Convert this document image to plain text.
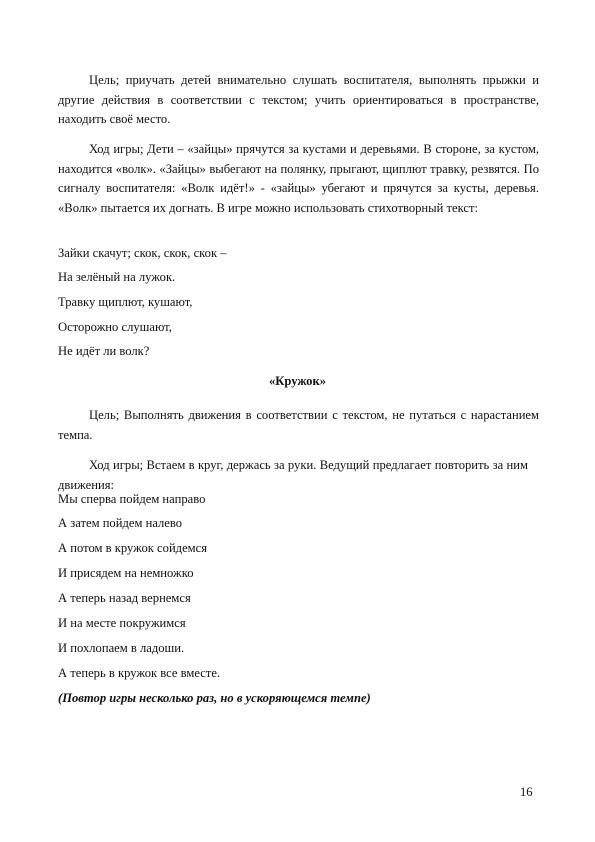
Цель; приучать детей внимательно слушать воспитателя, выполнять прыжки и другие действия в соответствии с текстом; учить ориентироваться в пространстве, находить своё место.
Ход игры; Дети – «зайцы» прячутся за кустами и деревьями. В стороне, за кустом, находится «волк». «Зайцы» выбегают на полянку, прыгают, щиплют травку, резвятся. По сигналу воспитателя: «Волк идёт!» - «зайцы» убегают и прячутся за кусты, деревья. «Волк» пытается их догнать. В игре можно использовать стихотворный текст:
Зайки скачут; скок, скок, скок –
На зелёный на лужок.
Травку щиплют, кушают,
Осторожно слушают,
Не идёт ли волк?
«Кружок»
Цель; Выполнять движения в соответствии с текстом, не путаться с нарастанием темпа.
Ход игры; Встаем в круг, держась за руки. Ведущий предлагает повторить за ним движения:
Мы сперва пойдем направо
А затем пойдем налево
А потом в кружок сойдемся
И присядем на немножко
А теперь назад вернемся
И на месте покружимся
И похлопаем в ладоши.
А теперь в кружок все вместе.
(Повтор игры несколько раз, но в ускоряющемся темпе)
16
